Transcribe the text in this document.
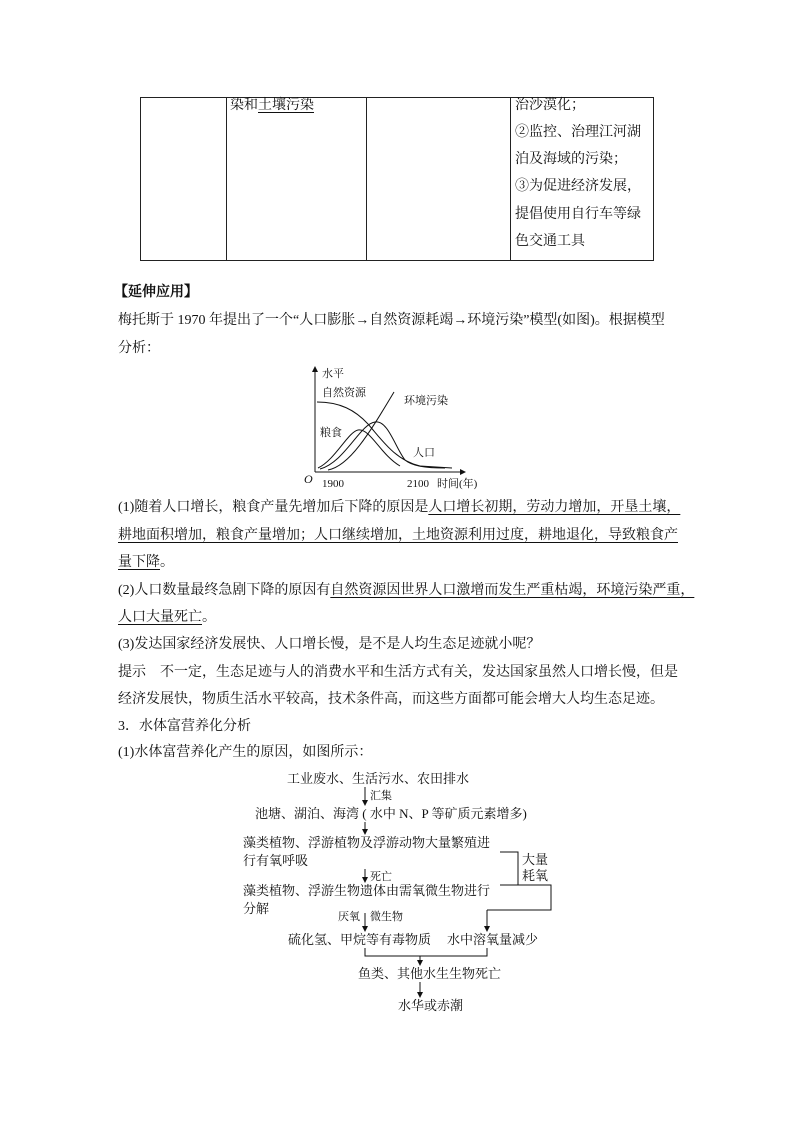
染和土壤污染	治沙漠化；
②监控、治理江河湖
泊及海域的污染；
③为促进经济发展，
提倡使用自行车等绿
色交通工具
【延伸应用】
梅托斯于 1970 年提出了一个“人口膨胀→自然资源耗竭→环境污染”模型(如图)。根据模型
分析：
水平
自然资源
环境污染
粮食
人口
O 1900	2100 时间(年)
(1)随着人口增长，粮食产量先增加后下降的原因是人口增长初期，劳动力增加，开垦土壤，
耕地面积增加，粮食产量增加；人口继续增加，土地资源利用过度，耕地退化，导致粮食产
量下降。
(2)人口数量最终急剧下降的原因有自然资源因世界人口激增而发生严重枯竭，环境污染严重，
人口大量死亡。
(3)发达国家经济发展快、人口增长慢，是不是人均生态足迹就小呢？
提示　不一定，生态足迹与人的消费水平和生活方式有关，发达国家虽然人口增长慢，但是
经济发展快，物质生活水平较高，技术条件高，而这些方面都可能会增大人均生态足迹。
3．水体富营养化分析
(1)水体富营养化产生的原因，如图所示：
工业废水、生活污水、农田排水
汇集
池塘、湖泊、海湾 ( 水中 N、P 等矿质元素增多)
藻类植物、浮游植物及浮游动物大量繁殖进
行有氧呼吸
死亡
藻类植物、浮游生物遗体由需氧微生物进行
分解
大量
耗氧
厌氧 微生物
硫化氢、甲烷等有毒物质 水中溶氧量减少
鱼类、其他水生生物死亡
水华或赤潮
